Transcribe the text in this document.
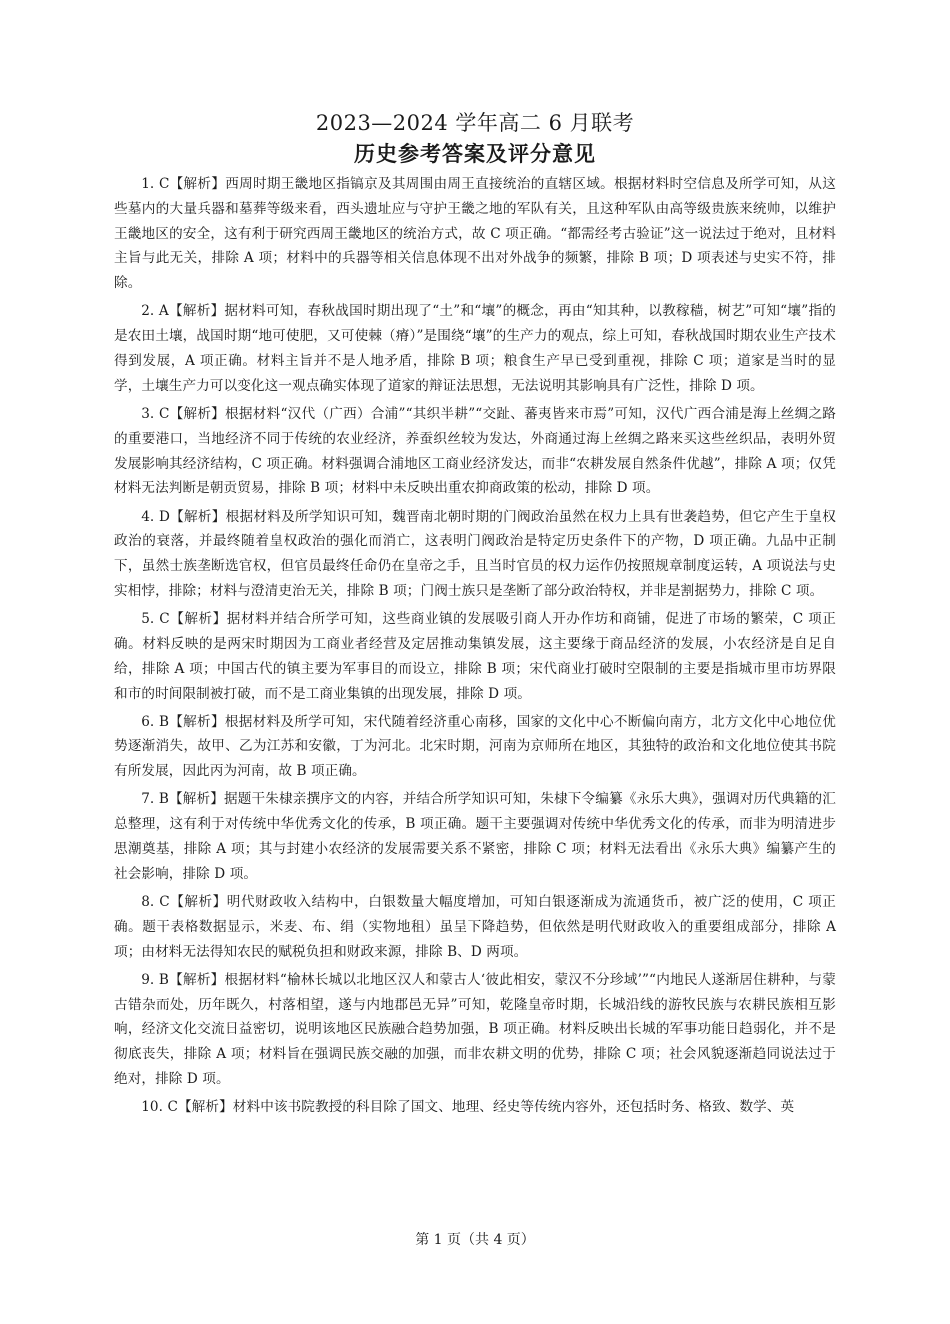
2023—2024 学年高二 6 月联考
历史参考答案及评分意见

1. C【解析】西周时期王畿地区指镐京及其周围由周王直接统治的直辖区域。根据材料时空信息及所学可知，从这些墓内的大量兵器和墓葬等级来看，西头遗址应与守护王畿之地的军队有关，且这种军队由高等级贵族来统帅，以维护王畿地区的安全，这有利于研究西周王畿地区的统治方式，故 C 项正确。“都需经考古验证”这一说法过于绝对，且材料主旨与此无关，排除 A 项；材料中的兵器等相关信息体现不出对外战争的频繁，排除 B 项；D 项表述与史实不符，排除。

2. A【解析】据材料可知，春秋战国时期出现了“土”和“壤”的概念，再由“知其种，以教稼穑，树艺”可知“壤”指的是农田土壤，战国时期“地可使肥，又可使棘（瘠）”是围绕“壤”的生产力的观点，综上可知，春秋战国时期农业生产技术得到发展，A 项正确。材料主旨并不是人地矛盾，排除 B 项；粮食生产早已受到重视，排除 C 项；道家是当时的显学，土壤生产力可以变化这一观点确实体现了道家的辩证法思想，无法说明其影响具有广泛性，排除 D 项。

3. C【解析】根据材料“汉代（广西）合浦”“其织半耕”“交趾、蕃夷皆来市焉”可知，汉代广西合浦是海上丝绸之路的重要港口，当地经济不同于传统的农业经济，养蚕织丝较为发达，外商通过海上丝绸之路来买这些丝织品，表明外贸发展影响其经济结构，C 项正确。材料强调合浦地区工商业经济发达，而非“农耕发展自然条件优越”，排除 A 项；仅凭材料无法判断是朝贡贸易，排除 B 项；材料中未反映出重农抑商政策的松动，排除 D 项。

4. D【解析】根据材料及所学知识可知，魏晋南北朝时期的门阀政治虽然在权力上具有世袭趋势，但它产生于皇权政治的衰落，并最终随着皇权政治的强化而消亡，这表明门阀政治是特定历史条件下的产物，D 项正确。九品中正制下，虽然士族垄断选官权，但官员最终任命仍在皇帝之手，且当时官员的权力运作仍按照规章制度运转，A 项说法与史实相悖，排除；材料与澄清吏治无关，排除 B 项；门阀士族只是垄断了部分政治特权，并非是割据势力，排除 C 项。

5. C【解析】据材料并结合所学可知，这些商业镇的发展吸引商人开办作坊和商铺，促进了市场的繁荣，C 项正确。材料反映的是两宋时期因为工商业者经营及定居推动集镇发展，这主要缘于商品经济的发展，小农经济是自足自给，排除 A 项；中国古代的镇主要为军事目的而设立，排除 B 项；宋代商业打破时空限制的主要是指城市里市坊界限和市的时间限制被打破，而不是工商业集镇的出现发展，排除 D 项。

6. B【解析】根据材料及所学可知，宋代随着经济重心南移，国家的文化中心不断偏向南方，北方文化中心地位优势逐渐消失，故甲、乙为江苏和安徽，丁为河北。北宋时期，河南为京师所在地区，其独特的政治和文化地位使其书院有所发展，因此丙为河南，故 B 项正确。

7. B【解析】据题干朱棣亲撰序文的内容，并结合所学知识可知，朱棣下令编纂《永乐大典》，强调对历代典籍的汇总整理，这有利于对传统中华优秀文化的传承，B 项正确。题干主要强调对传统中华优秀文化的传承，而非为明清进步思潮奠基，排除 A 项；其与封建小农经济的发展需要关系不紧密，排除 C 项；材料无法看出《永乐大典》编纂产生的社会影响，排除 D 项。

8. C【解析】明代财政收入结构中，白银数量大幅度增加，可知白银逐渐成为流通货币，被广泛的使用，C 项正确。题干表格数据显示，米麦、布、绢（实物地租）虽呈下降趋势，但依然是明代财政收入的重要组成部分，排除 A 项；由材料无法得知农民的赋税负担和财政来源，排除 B、D 两项。

9. B【解析】根据材料“榆林长城以北地区汉人和蒙古人‘彼此相安，蒙汉不分珍域’”“内地民人遂渐居住耕种，与蒙古错杂而处，历年既久，村落相望，遂与内地郡邑无异”可知，乾隆皇帝时期，长城沿线的游牧民族与农耕民族相互影响，经济文化交流日益密切，说明该地区民族融合趋势加强，B 项正确。材料反映出长城的军事功能日趋弱化，并不是彻底丧失，排除 A 项；材料旨在强调民族交融的加强，而非农耕文明的优势，排除 C 项；社会风貌逐渐趋同说法过于绝对，排除 D 项。

10. C【解析】材料中该书院教授的科目除了国文、地理、经史等传统内容外，还包括时务、格致、数学、英

第 1 页（共 4 页）
